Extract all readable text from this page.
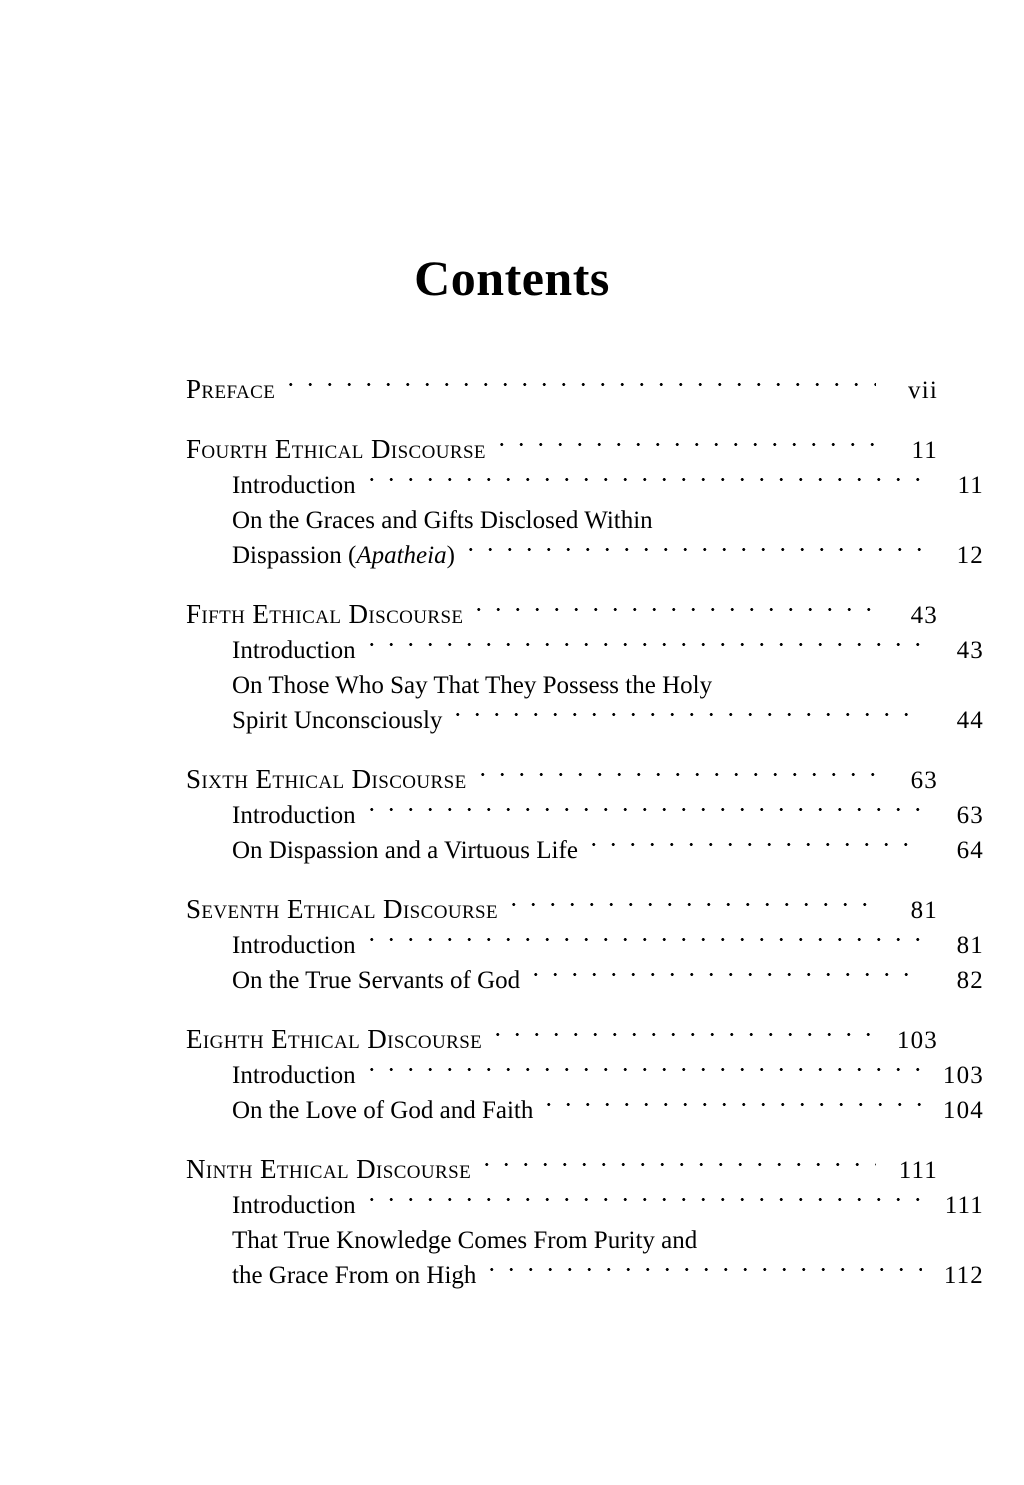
Contents
Preface	vii
Fourth Ethical Discourse	11
Introduction	11
On the Graces and Gifts Disclosed Within
Dispassion (Apatheia)	12
Fifth Ethical Discourse	43
Introduction	43
On Those Who Say That They Possess the Holy
Spirit Unconsciously	44
Sixth Ethical Discourse	63
Introduction	63
On Dispassion and a Virtuous Life	64
Seventh Ethical Discourse	81
Introduction	81
On the True Servants of God	82
Eighth Ethical Discourse	103
Introduction	103
On the Love of God and Faith	104
Ninth Ethical Discourse	111
Introduction	111
That True Knowledge Comes From Purity and
the Grace From on High	112
